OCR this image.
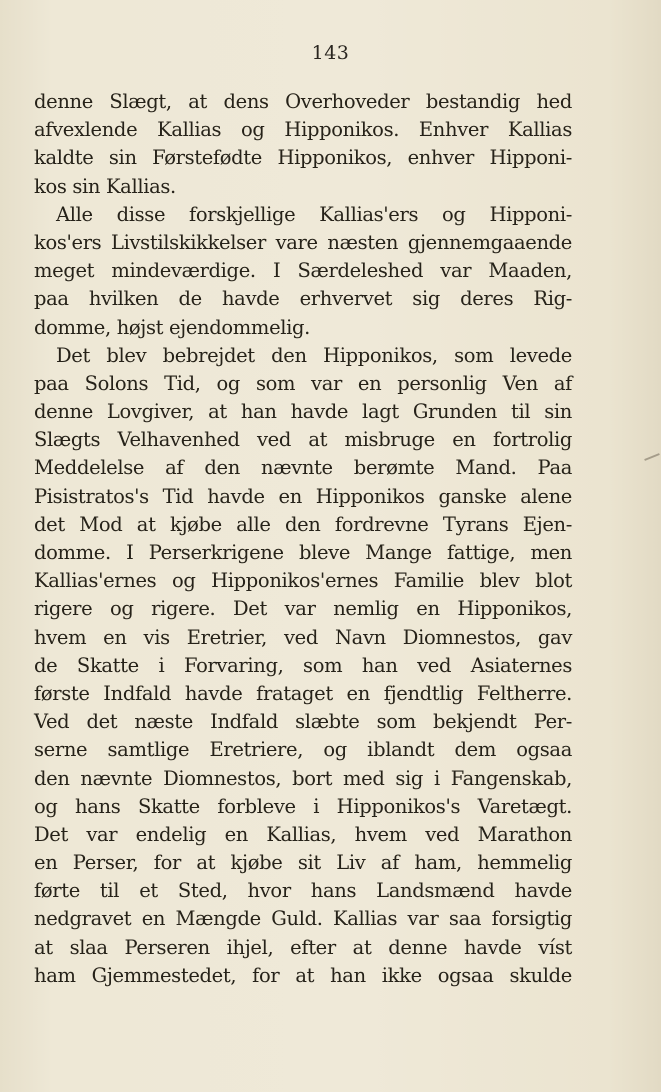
143
denne Slægt, at dens Overhoveder bestandig hed
afvexlende Kallias og Hipponikos. Enhver Kallias
kaldte sin Førstefødte Hipponikos, enhver Hipponi-
kos sin Kallias.
Alle disse forskjellige Kallias'ers og Hipponi-
kos'ers Livstilskikkelser vare næsten gjennemgaaende
meget mindeværdige. I Særdeleshed var Maaden,
paa hvilken de havde erhvervet sig deres Rig-
domme, højst ejendommelig.
Det blev bebrejdet den Hipponikos, som levede
paa Solons Tid, og som var en personlig Ven af
denne Lovgiver, at han havde lagt Grunden til sin
Slægts Velhavenhed ved at misbruge en fortrolig
Meddelelse af den nævnte berømte Mand. Paa
Pisistratos's Tid havde en Hipponikos ganske alene
det Mod at kjøbe alle den fordrevne Tyrans Ejen-
domme. I Perserkrigene bleve Mange fattige, men
Kallias'ernes og Hipponikos'ernes Familie blev blot
rigere og rigere. Det var nemlig en Hipponikos,
hvem en vis Eretrier, ved Navn Diomnestos, gav
de Skatte i Forvaring, som han ved Asiaternes
første Indfald havde frataget en fjendtlig Feltherre.
Ved det næste Indfald slæbte som bekjendt Per-
serne samtlige Eretriere, og iblandt dem ogsaa
den nævnte Diomnestos, bort med sig i Fangenskab,
og hans Skatte forbleve i Hipponikos's Varetægt.
Det var endelig en Kallias, hvem ved Marathon
en Perser, for at kjøbe sit Liv af ham, hemmelig
førte til et Sted, hvor hans Landsmænd havde
nedgravet en Mængde Guld. Kallias var saa forsigtig
at slaa Perseren ihjel, efter at denne havde víst
ham Gjemmestedet, for at han ikke ogsaa skulde
